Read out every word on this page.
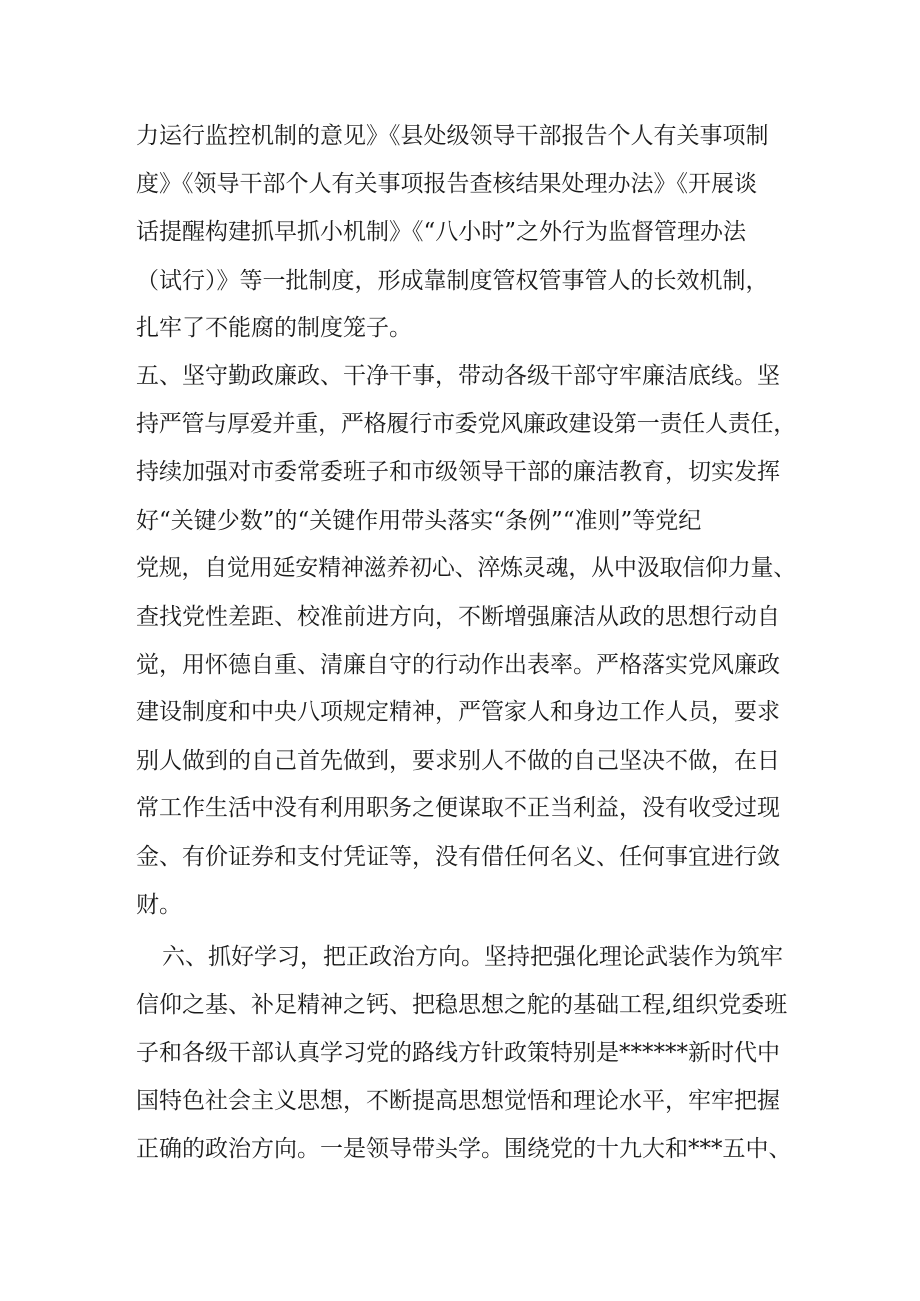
力运行监控机制的意见》《县处级领导干部报告个人有关事项制
度》《领导干部个人有关事项报告查核结果处理办法》《开展谈
话提醒构建抓早抓小机制》《“八小时”之外行为监督管理办法
（试行）》等一批制度，形成靠制度管权管事管人的长效机制，
扎牢了不能腐的制度笼子。
五、坚守勤政廉政、干净干事，带动各级干部守牢廉洁底线。坚
持严管与厚爱并重，严格履行市委党风廉政建设第一责任人责任，
持续加强对市委常委班子和市级领导干部的廉洁教育，切实发挥
好“关键少数”的“关键作用带头落实“条例”“准则”等党纪
党规，自觉用延安精神滋养初心、淬炼灵魂，从中汲取信仰力量、
查找党性差距、校准前进方向，不断增强廉洁从政的思想行动自
觉，用怀德自重、清廉自守的行动作出表率。严格落实党风廉政
建设制度和中央八项规定精神，严管家人和身边工作人员，要求
别人做到的自己首先做到，要求别人不做的自己坚决不做，在日
常工作生活中没有利用职务之便谋取不正当利益，没有收受过现
金、有价证券和支付凭证等，没有借任何名义、任何事宜进行敛
财。
六、抓好学习，把正政治方向。坚持把强化理论武装作为筑牢
信仰之基、补足精神之钙、把稳思想之舵的基础工程,组织党委班
子和各级干部认真学习党的路线方针政策特别是******新时代中
国特色社会主义思想，不断提高思想觉悟和理论水平，牢牢把握
正确的政治方向。一是领导带头学。围绕党的十九大和***五中、
